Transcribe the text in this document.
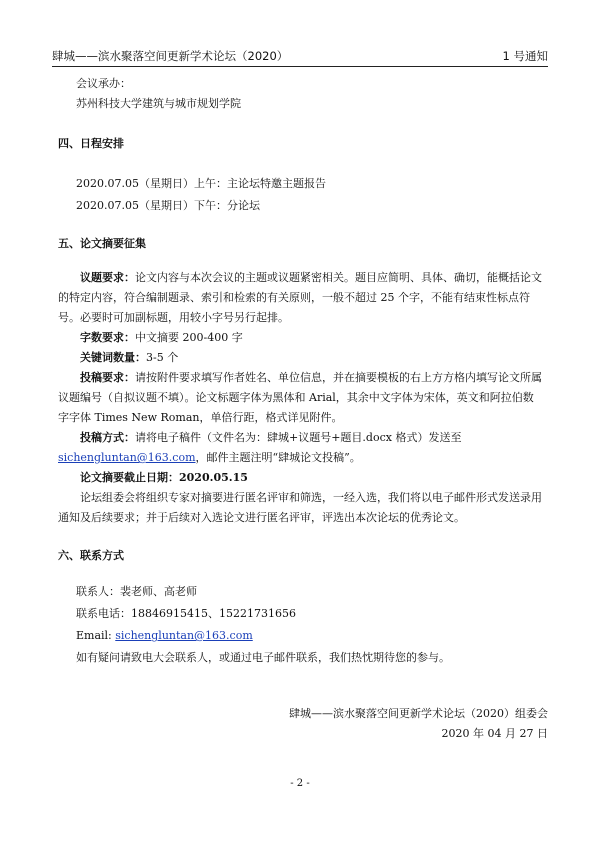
肆城——滨水聚落空间更新学术论坛（2020）	1 号通知
会议承办：
苏州科技大学建筑与城市规划学院
四、日程安排
2020.07.05（星期日）上午：主论坛特邀主题报告
2020.07.05（星期日）下午：分论坛
五、论文摘要征集
议题要求：论文内容与本次会议的主题或议题紧密相关。题目应简明、具体、确切，能概括论文的特定内容，符合编制题录、索引和检索的有关原则，一般不超过 25 个字，不能有结束性标点符号。必要时可加副标题，用较小字号另行起排。
字数要求：中文摘要 200-400 字
关键词数量：3-5 个
投稿要求：请按附件要求填写作者姓名、单位信息，并在摘要模板的右上方方格内填写论文所属议题编号（自拟议题不填）。论文标题字体为黑体和 Arial，其余中文字体为宋体，英文和阿拉伯数字字体 Times New Roman，单倍行距，格式详见附件。
投稿方式：请将电子稿件（文件名为：肆城+议题号+题目.docx 格式）发送至 sichengluntan@163.com，邮件主题注明“肆城论文投稿”。
论文摘要截止日期：2020.05.15
论坛组委会将组织专家对摘要进行匿名评审和筛选，一经入选，我们将以电子邮件形式发送录用通知及后续要求；并于后续对入选论文进行匿名评审，评选出本次论坛的优秀论文。
六、联系方式
联系人：裴老师、高老师
联系电话：18846915415、15221731656
Email: sichengluntan@163.com
如有疑问请致电大会联系人，或通过电子邮件联系，我们热忱期待您的参与。
肆城——滨水聚落空间更新学术论坛（2020）组委会
2020 年 04 月 27 日
- 2 -
